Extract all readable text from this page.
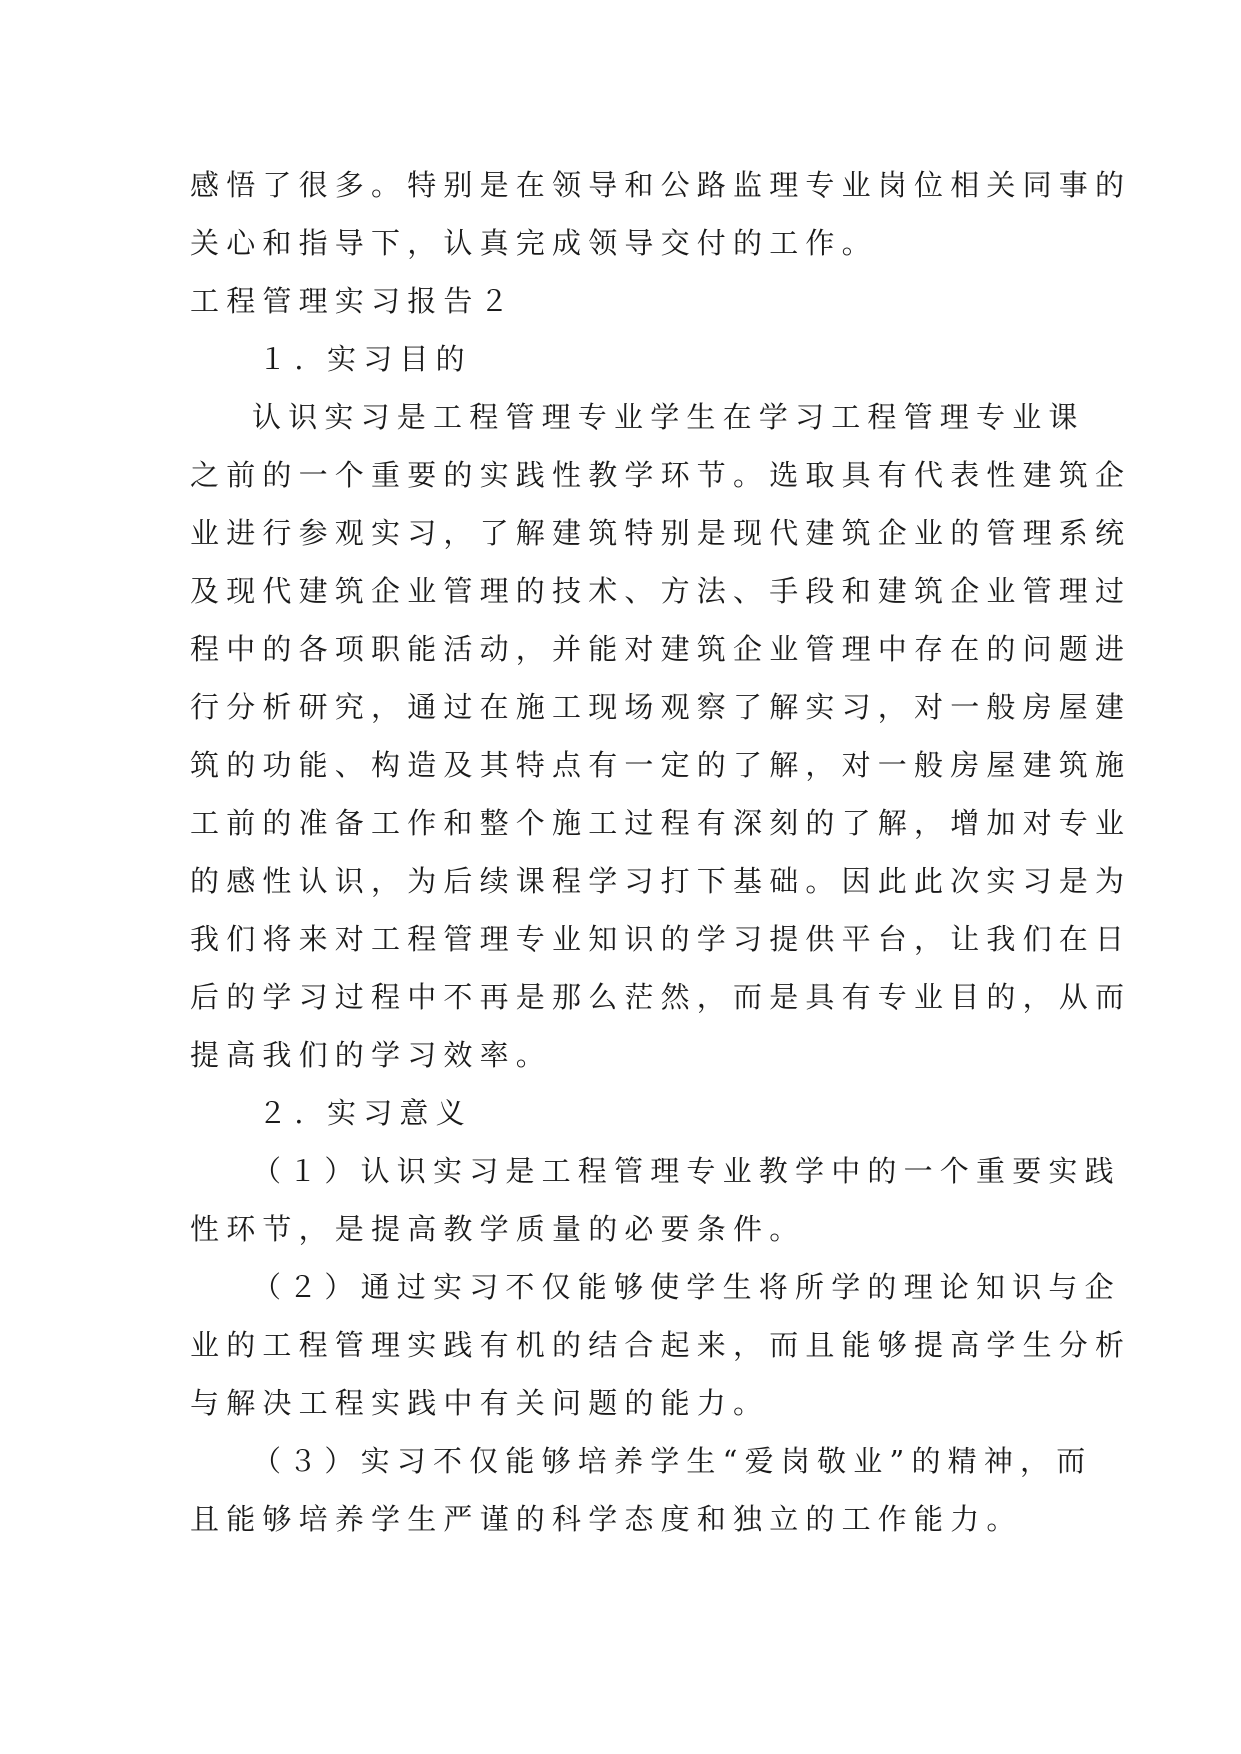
感悟了很多。特别是在领导和公路监理专业岗位相关同事的
关心和指导下，认真完成领导交付的工作。

工程管理实习报告２

１. 实习目的

认识实习是工程管理专业学生在学习工程管理专业课
之前的一个重要的实践性教学环节。选取具有代表性建筑企
业进行参观实习，了解建筑特别是现代建筑企业的管理系统
及现代建筑企业管理的技术、方法、手段和建筑企业管理过
程中的各项职能活动，并能对建筑企业管理中存在的问题进
行分析研究，通过在施工现场观察了解实习，对一般房屋建
筑的功能、构造及其特点有一定的了解，对一般房屋建筑施
工前的准备工作和整个施工过程有深刻的了解，增加对专业
的感性认识，为后续课程学习打下基础。因此此次实习是为
我们将来对工程管理专业知识的学习提供平台，让我们在日
后的学习过程中不再是那么茫然，而是具有专业目的，从而
提高我们的学习效率。

２. 实习意义

（１）认识实习是工程管理专业教学中的一个重要实践
性环节，是提高教学质量的必要条件。

（２）通过实习不仅能够使学生将所学的理论知识与企
业的工程管理实践有机的结合起来，而且能够提高学生分析
与解决工程实践中有关问题的能力。

（３）实习不仅能够培养学生“爱岗敬业”的精神，而
且能够培养学生严谨的科学态度和独立的工作能力。
